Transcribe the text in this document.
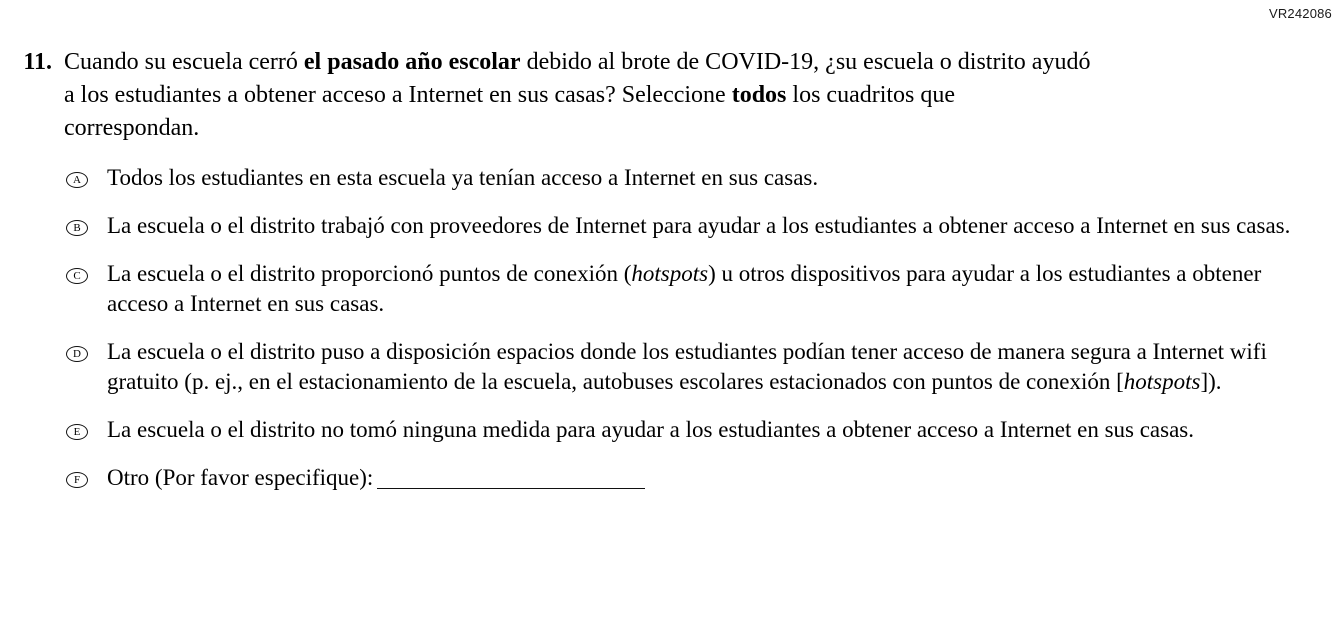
VR242086
11. Cuando su escuela cerró el pasado año escolar debido al brote de COVID-19, ¿su escuela o distrito ayudó a los estudiantes a obtener acceso a Internet en sus casas? Seleccione todos los cuadritos que correspondan.
A	Todos los estudiantes en esta escuela ya tenían acceso a Internet en sus casas.
B	La escuela o el distrito trabajó con proveedores de Internet para ayudar a los estudiantes a obtener acceso a Internet en sus casas.
C	La escuela o el distrito proporcionó puntos de conexión (hotspots) u otros dispositivos para ayudar a los estudiantes a obtener acceso a Internet en sus casas.
D	La escuela o el distrito puso a disposición espacios donde los estudiantes podían tener acceso de manera segura a Internet wifi gratuito (p. ej., en el estacionamiento de la escuela, autobuses escolares estacionados con puntos de conexión [hotspots]).
E	La escuela o el distrito no tomó ninguna medida para ayudar a los estudiantes a obtener acceso a Internet en sus casas.
F	Otro (Por favor especifique):
